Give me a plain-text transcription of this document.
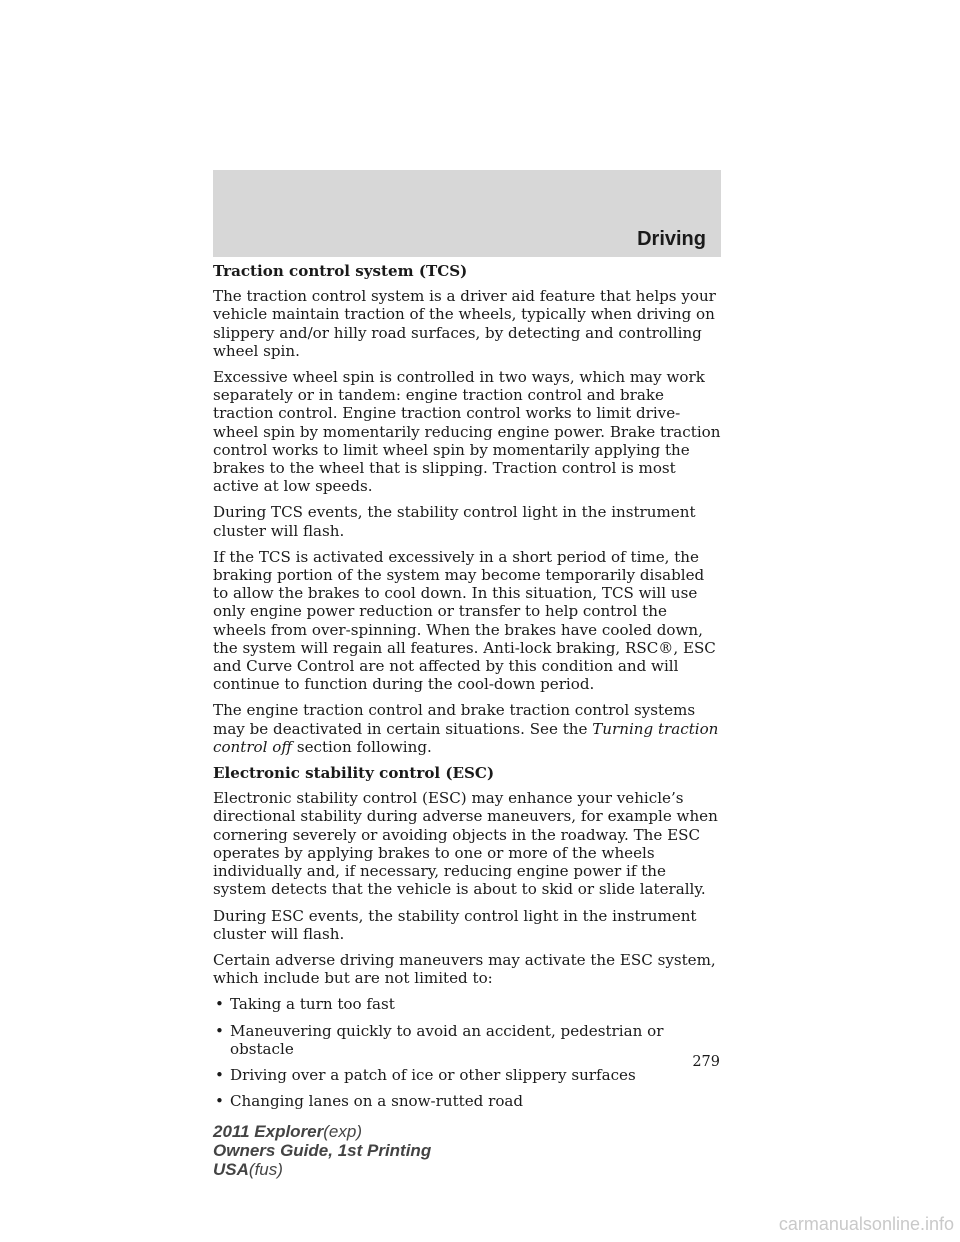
Driving
Traction control system (TCS)

The traction control system is a driver aid feature that helps your vehicle maintain traction of the wheels, typically when driving on slippery and/or hilly road surfaces, by detecting and controlling wheel spin.

Excessive wheel spin is controlled in two ways, which may work separately or in tandem: engine traction control and brake traction control. Engine traction control works to limit drive-wheel spin by momentarily reducing engine power. Brake traction control works to limit wheel spin by momentarily applying the brakes to the wheel that is slipping. Traction control is most active at low speeds.

During TCS events, the stability control light in the instrument cluster will flash.

If the TCS is activated excessively in a short period of time, the braking portion of the system may become temporarily disabled to allow the brakes to cool down. In this situation, TCS will use only engine power reduction or transfer to help control the wheels from over-spinning. When the brakes have cooled down, the system will regain all features. Anti-lock braking, RSC®, ESC and Curve Control are not affected by this condition and will continue to function during the cool-down period.

The engine traction control and brake traction control systems may be deactivated in certain situations. See the Turning traction control off section following.

Electronic stability control (ESC)

Electronic stability control (ESC) may enhance your vehicle’s directional stability during adverse maneuvers, for example when cornering severely or avoiding objects in the roadway. The ESC operates by applying brakes to one or more of the wheels individually and, if necessary, reducing engine power if the system detects that the vehicle is about to skid or slide laterally.

During ESC events, the stability control light in the instrument cluster will flash.

Certain adverse driving maneuvers may activate the ESC system, which include but are not limited to:

• Taking a turn too fast
• Maneuvering quickly to avoid an accident, pedestrian or obstacle
• Driving over a patch of ice or other slippery surfaces
• Changing lanes on a snow-rutted road
279
2011 Explorer(exp)
Owners Guide, 1st Printing
USA(fus)
carmanualsonline.info
